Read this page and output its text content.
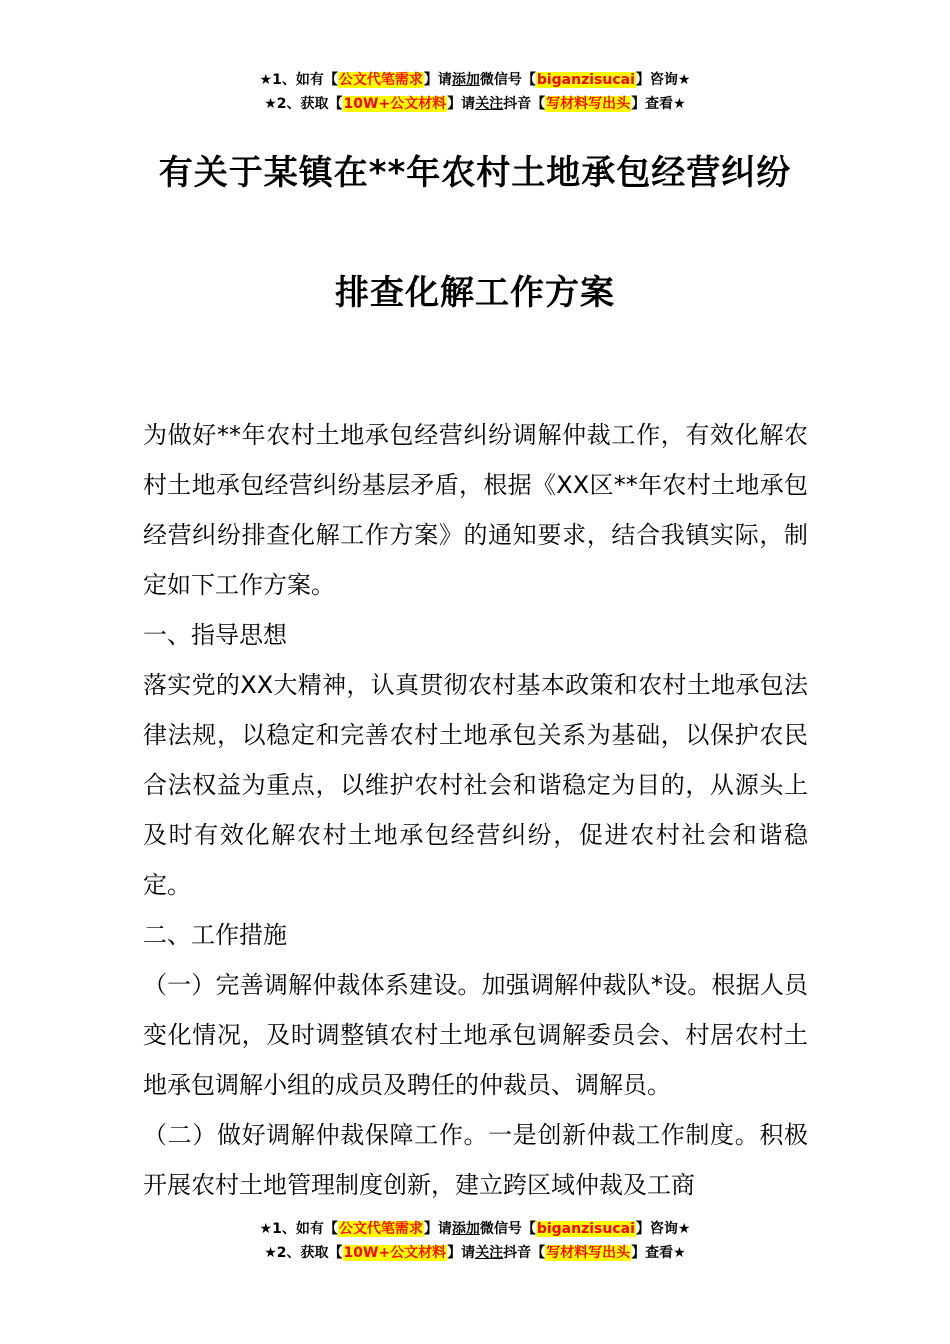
★1、如有【公文代笔需求】请添加微信号【biganzisucai】咨询★
★2、获取【10W+公文材料】请关注抖音【写材料写出头】查看★
有关于某镇在**年农村土地承包经营纠纷
排查化解工作方案

为做好**年农村土地承包经营纠纷调解仲裁工作，有效化解农村土地承包经营纠纷基层矛盾，根据《XX区**年农村土地承包经营纠纷排查化解工作方案》的通知要求，结合我镇实际，制定如下工作方案。

一、指导思想

落实党的XX大精神，认真贯彻农村基本政策和农村土地承包法律法规，以稳定和完善农村土地承包关系为基础，以保护农民合法权益为重点，以维护农村社会和谐稳定为目的，从源头上及时有效化解农村土地承包经营纠纷，促进农村社会和谐稳定。

二、工作措施

（一）完善调解仲裁体系建设。加强调解仲裁队*设。根据人员变化情况，及时调整镇农村土地承包调解委员会、村居农村土地承包调解小组的成员及聘任的仲裁员、调解员。

（二）做好调解仲裁保障工作。一是创新仲裁工作制度。积极开展农村土地管理制度创新，建立跨区域仲裁及工商

★1、如有【公文代笔需求】请添加微信号【biganzisucai】咨询★
★2、获取【10W+公文材料】请关注抖音【写材料写出头】查看★
